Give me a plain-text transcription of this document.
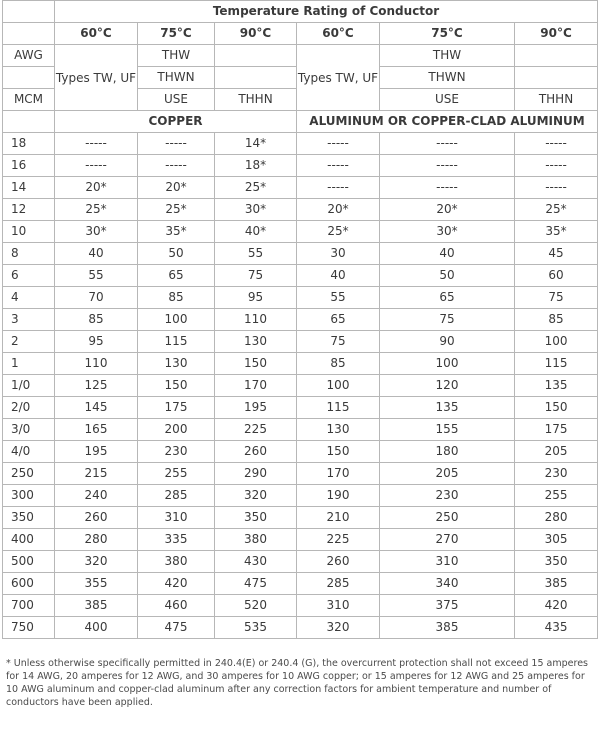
	Temperature Rating of Conductor					
	60°C	75°C	90°C	60°C	75°C	90°C
AWG	Types TW, UF	THW		Types TW, UF	THW	
		THWN			THWN	
MCM		USE	THHN		USE	THHN
	COPPER			ALUMINUM OR COPPER-CLAD ALUMINUM		
18	-----	-----	14*	-----	-----	-----
16	-----	-----	18*	-----	-----	-----
14	20*	20*	25*	-----	-----	-----
12	25*	25*	30*	20*	20*	25*
10	30*	35*	40*	25*	30*	35*
8	40	50	55	30	40	45
6	55	65	75	40	50	60
4	70	85	95	55	65	75
3	85	100	110	65	75	85
2	95	115	130	75	90	100
1	110	130	150	85	100	115
1/0	125	150	170	100	120	135
2/0	145	175	195	115	135	150
3/0	165	200	225	130	155	175
4/0	195	230	260	150	180	205
250	215	255	290	170	205	230
300	240	285	320	190	230	255
350	260	310	350	210	250	280
400	280	335	380	225	270	305
500	320	380	430	260	310	350
600	355	420	475	285	340	385
700	385	460	520	310	375	420
750	400	475	535	320	385	435
* Unless otherwise specifically permitted in 240.4(E) or 240.4 (G), the overcurrent protection shall not exceed 15 amperes for 14 AWG, 20 amperes for 12 AWG, and 30 amperes for 10 AWG copper; or 15 amperes for 12 AWG and 25 amperes for 10 AWG aluminum and copper-clad aluminum after any correction factors for ambient temperature and number of conductors have been applied.
